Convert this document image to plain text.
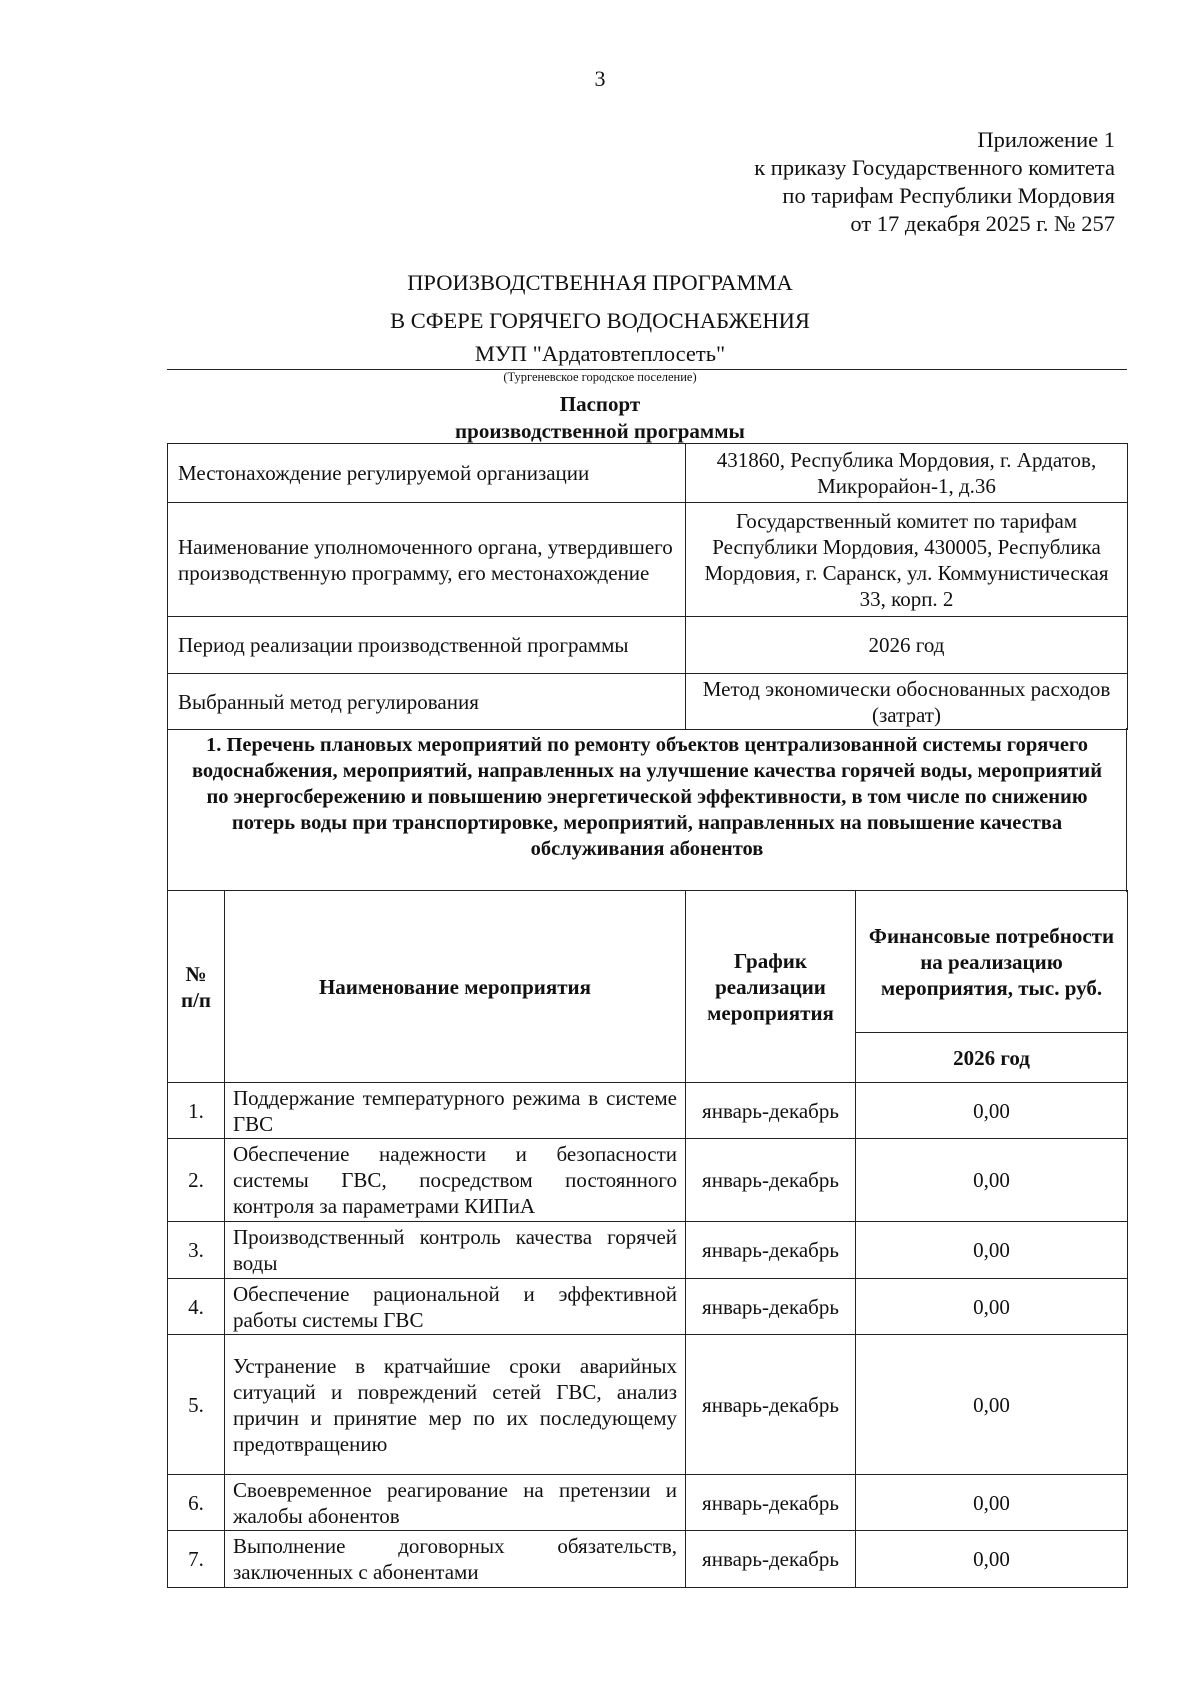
3
Приложение 1
к приказу Государственного комитета
по тарифам Республики Мордовия
от 17 декабря 2025 г. № 257
ПРОИЗВОДСТВЕННАЯ ПРОГРАММА
В СФЕРЕ ГОРЯЧЕГО ВОДОСНАБЖЕНИЯ
МУП "Ардатовтеплосеть"
(Тургеневское городское поселение)
Паспорт
производственной программы
Местонахождение регулируемой организации	431860, Республика Мордовия, г. Ардатов, Микрорайон-1, д.36
Наименование уполномоченного органа, утвердившего производственную программу, его местонахождение	Государственный комитет по тарифам Республики Мордовия, 430005, Республика Мордовия, г. Саранск, ул. Коммунистическая 33, корп. 2
Период реализации производственной программы	2026 год
Выбранный метод регулирования	Метод экономически обоснованных расходов (затрат)
1. Перечень плановых мероприятий по ремонту объектов централизованной системы горячего водоснабжения, мероприятий, направленных на улучшение качества горячей воды, мероприятий по энергосбережению и повышению энергетической эффективности, в том числе по снижению потерь воды при транспортировке, мероприятий, направленных на повышение качества обслуживания абонентов
№ п/п	Наименование мероприятия	График реализации мероприятия	Финансовые потребности на реализацию мероприятия, тыс. руб.
			2026 год
1.	Поддержание температурного режима в системе ГВС	январь-декабрь	0,00
2.	Обеспечение надежности и безопасности системы ГВС, посредством постоянного контроля за параметрами КИПиА	январь-декабрь	0,00
3.	Производственный контроль качества горячей воды	январь-декабрь	0,00
4.	Обеспечение рациональной и эффективной работы системы ГВС	январь-декабрь	0,00
5.	Устранение в кратчайшие сроки аварийных ситуаций и повреждений сетей ГВС, анализ причин и принятие мер по их последующему предотвращению	январь-декабрь	0,00
6.	Своевременное реагирование на претензии и жалобы абонентов	январь-декабрь	0,00
7.	Выполнение договорных обязательств, заключенных с абонентами	январь-декабрь	0,00
